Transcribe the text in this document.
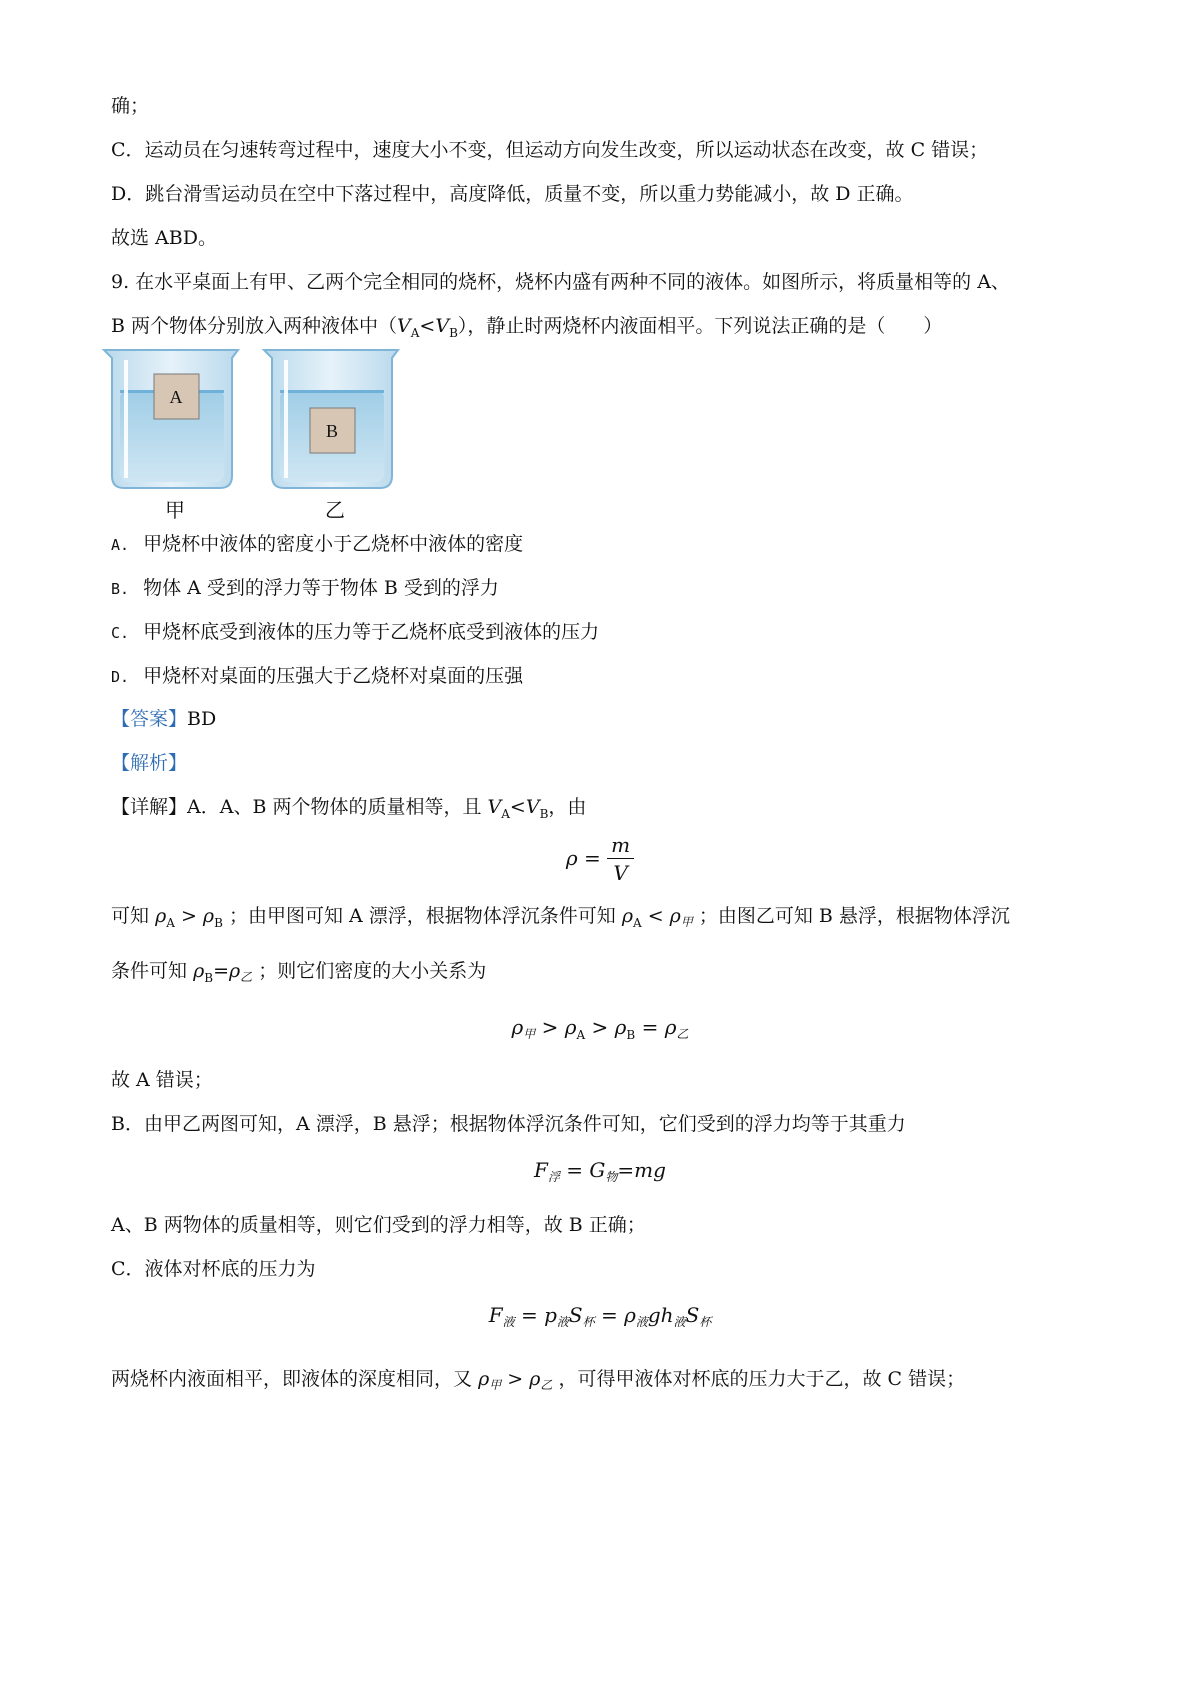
确；
C．运动员在匀速转弯过程中，速度大小不变，但运动方向发生改变，所以运动状态在改变，故 C 错误；
D．跳台滑雪运动员在空中下落过程中，高度降低，质量不变，所以重力势能减小，故 D 正确。
故选 ABD。
9. 在水平桌面上有甲、乙两个完全相同的烧杯，烧杯内盛有两种不同的液体。如图所示，将质量相等的 A、
B 两个物体分别放入两种液体中$(V_A<V_B)$，静止时两烧杯内液面相平。下列说法正确的是（　　）
A
B
甲	乙
A. 甲烧杯中液体的密度小于乙烧杯中液体的密度
B. 物体 A 受到的浮力等于物体 B 受到的浮力
C. 甲烧杯底受到液体的压力等于乙烧杯底受到液体的压力
D. 甲烧杯对桌面的压强大于乙烧杯对桌面的压强
【答案】BD
【解析】
【详解】A．A、B 两个物体的质量相等，且 $V_A<V_B$，由
$\rho = \frac{m}{V}$
可知 $\rho_A > \rho_B$ ；由甲图可知 A 漂浮，根据物体浮沉条件可知 $\rho_A < \rho_甲$ ；由图乙可知 B 悬浮，根据物体浮沉
条件可知 $\rho_B=\rho_乙$ ；则它们密度的大小关系为
$\rho_甲 > \rho_A > \rho_B = \rho_乙$
故 A 错误；
B．由甲乙两图可知，A 漂浮，B 悬浮；根据物体浮沉条件可知，它们受到的浮力均等于其重力
$F_浮 = G_物=mg$
A、B 两物体的质量相等，则它们受到的浮力相等，故 B 正确；
C．液体对杯底的压力为
$F_液 = p_液S_杯 = \rho_液gh_液S_杯$
两烧杯内液面相平，即液体的深度相同，又 $\rho_甲 > \rho_乙$ ，可得甲液体对杯底的压力大于乙，故 C 错误；
